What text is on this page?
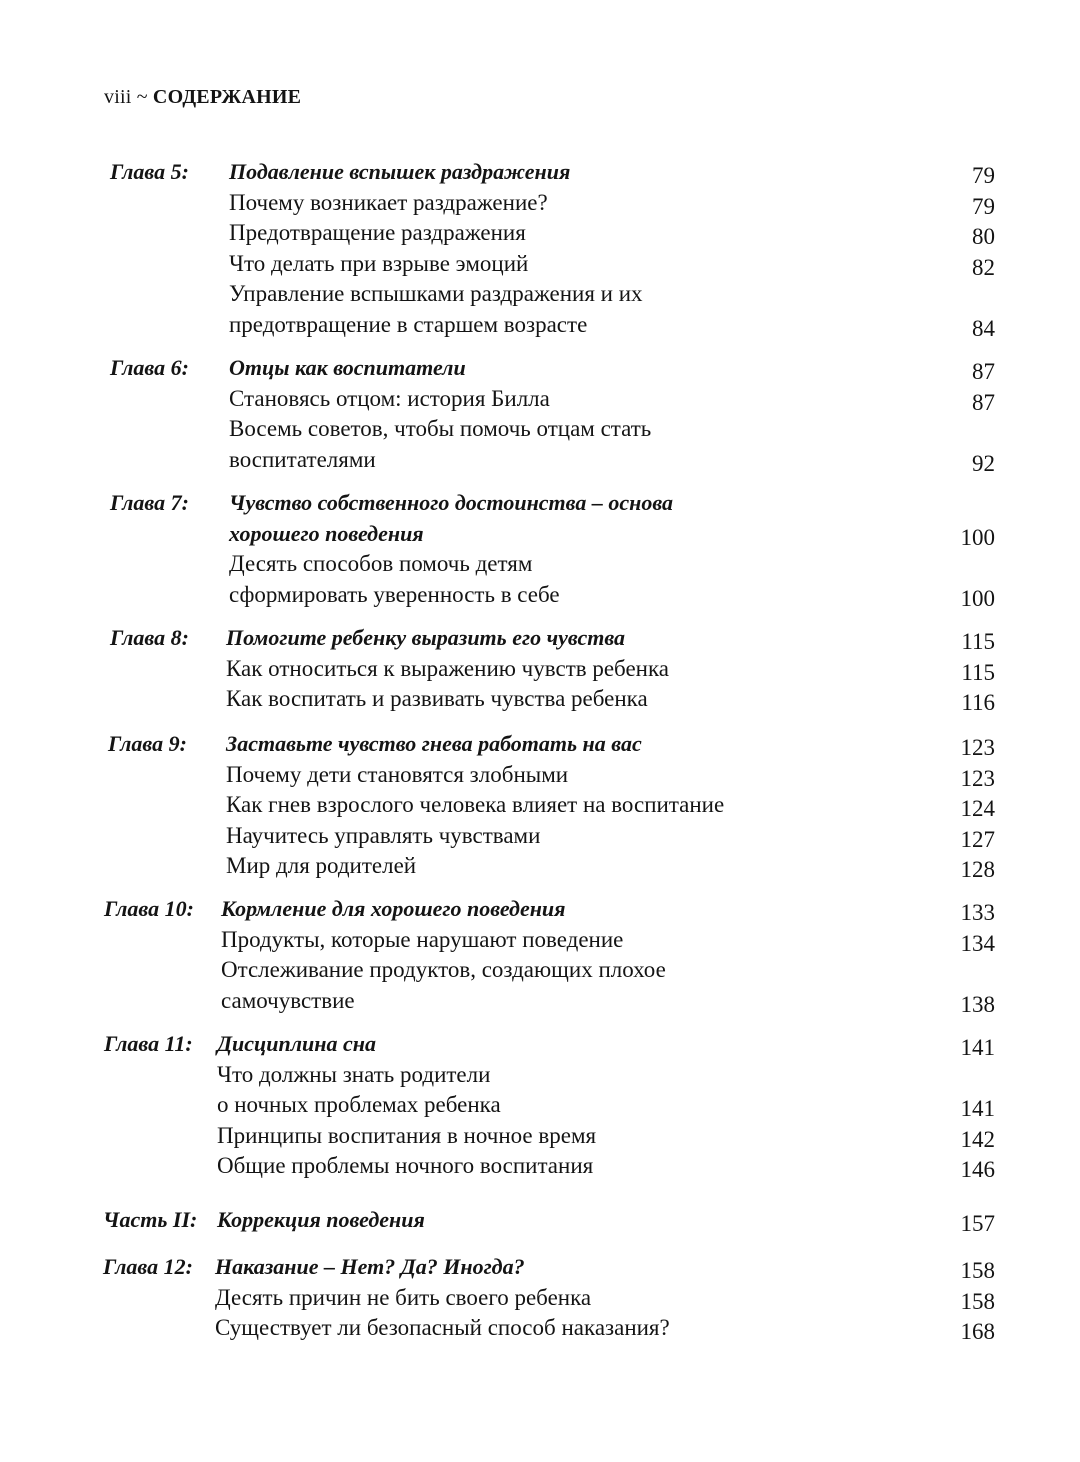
viii ~ СОДЕРЖАНИЕ
Глава 5: Подавление вспышек раздражения	79
Почему возникает раздражение?	79
Предотвращение раздражения	80
Что делать при взрыве эмоций	82
Управление вспышками раздражения и их
предотвращение в старшем возрасте	84
Глава 6: Отцы как воспитатели	87
Становясь отцом: история Билла	87
Восемь советов, чтобы помочь отцам стать
воспитателями	92
Глава 7: Чувство собственного достоинства – основа
хорошего поведения	100
Десять способов помочь детям
сформировать уверенность в себе	100
Глава 8: Помогите ребенку выразить его чувства	115
Как относиться к выражению чувств ребенка	115
Как воспитать и развивать чувства ребенка	116
Глава 9: Заставьте чувство гнева работать на вас	123
Почему дети становятся злобными	123
Как гнев взрослого человека влияет на воспитание	124
Научитесь управлять чувствами	127
Мир для родителей	128
Глава 10: Кормление для хорошего поведения	133
Продукты, которые нарушают поведение	134
Отслеживание продуктов, создающих плохое
самочувствие	138
Глава 11: Дисциплина сна	141
Что должны знать родители
о ночных проблемах ребенка	141
Принципы воспитания в ночное время	142
Общие проблемы ночного воспитания	146
Часть II: Коррекция поведения	157
Глава 12: Наказание – Нет? Да? Иногда?	158
Десять причин не бить своего ребенка	158
Существует ли безопасный способ наказания?	168
